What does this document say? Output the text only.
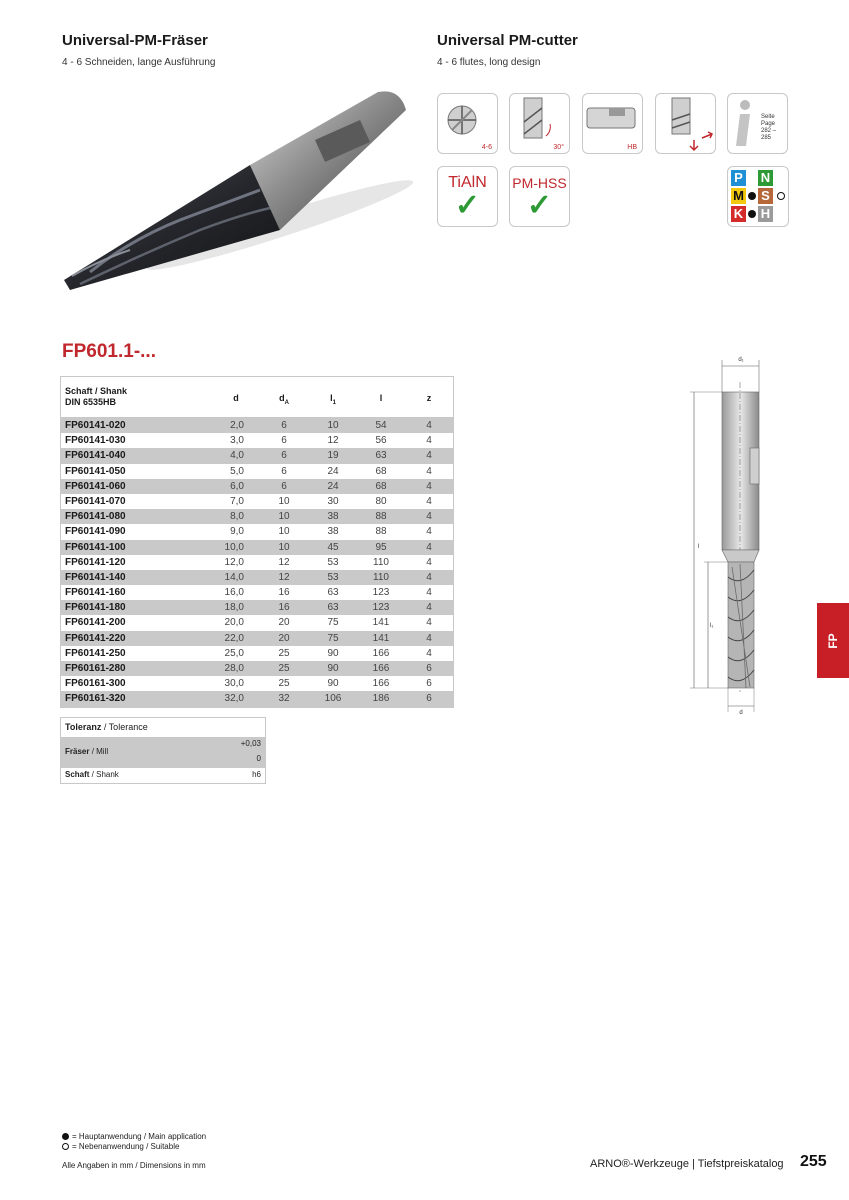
Universal-PM-Fräser
4 - 6 Schneiden, lange Ausführung
Universal PM-cutter
4 - 6 flutes, long design
4-6	30°	HB
Seite Page
282 – 285
TiAlN
✓
PM-HSS
✓
P N
M S
K H
FP601.1-...
Schaft / Shank
DIN 6535HB	d	$d_A$	$l_1$	l	z
FP60141-020	2,0	6	10	54	4
FP60141-030	3,0	6	12	56	4
FP60141-040	4,0	6	19	63	4
FP60141-050	5,0	6	24	68	4
FP60141-060	6,0	6	24	68	4
FP60141-070	7,0	10	30	80	4
FP60141-080	8,0	10	38	88	4
FP60141-090	9,0	10	38	88	4
FP60141-100	10,0	10	45	95	4
FP60141-120	12,0	12	53	110	4
FP60141-140	14,0	12	53	110	4
FP60141-160	16,0	16	63	123	4
FP60141-180	18,0	16	63	123	4
FP60141-200	20,0	20	75	141	4
FP60141-220	22,0	20	75	141	4
FP60141-250	25,0	25	90	166	4
FP60161-280	28,0	25	90	166	6
FP60161-300	30,0	25	90	166	6
FP60161-320	32,0	32	106	186	6
Toleranz / Tolerance
Fräser / Mill
+0,03
0
Schaft / Shank	h6
d₁
l
l₁
d
FP
= Hauptanwendung / Main application
= Nebenanwendung / Suitable
Alle Angaben in mm / Dimensions in mm	ARNO®-Werkzeuge | Tiefstpreiskatalog 255
